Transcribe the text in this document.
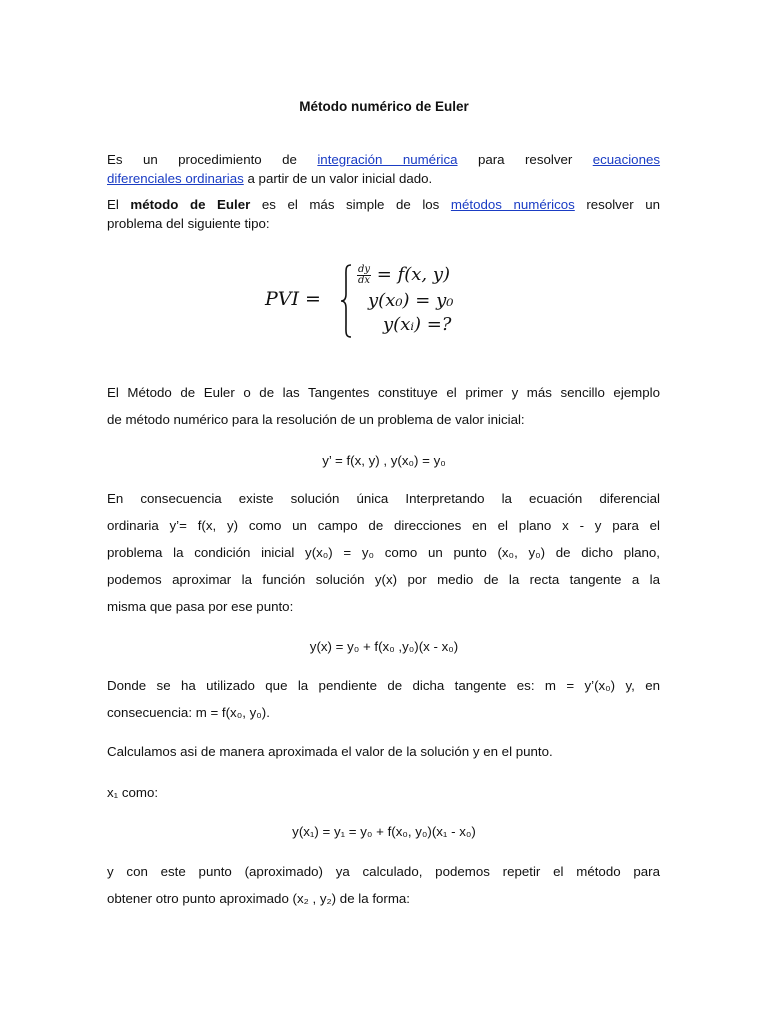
Método numérico de Euler
Es un procedimiento de integración numérica para resolver ecuaciones
diferenciales ordinarias a partir de un valor inicial dado.
El método de Euler es el más simple de los métodos numéricos resolver un
problema del siguiente tipo:
PVI =
$\frac{dy}{dx} = f(x$, y)
y(x₀) = y₀
y(xᵢ) =?
El Método de Euler o de las Tangentes constituye el primer y más sencillo ejemplo
de método numérico para la resolución de un problema de valor inicial:
y’ = f(x, y) , y(x₀) = y₀
En consecuencia existe solución única Interpretando la ecuación diferencial
ordinaria y’= f(x, y) como un campo de direcciones en el plano x - y para el
problema la condición inicial y(x₀) = y₀ como un punto (x₀, y₀) de dicho plano,
podemos aproximar la función solución y(x) por medio de la recta tangente a la
misma que pasa por ese punto:
y(x) = y₀ + f(x₀ ,y₀)(x - x₀)
Donde se ha utilizado que la pendiente de dicha tangente es: m = y’(x₀) y, en
consecuencia: m = f(x₀, y₀).
Calculamos asi de manera aproximada el valor de la solución y en el punto.
x₁ como:
y(x₁) = y₁ = y₀ + f(x₀, y₀)(x₁ - x₀)
y con este punto (aproximado) ya calculado, podemos repetir el método para
obtener otro punto aproximado (x₂ , y₂) de la forma:
